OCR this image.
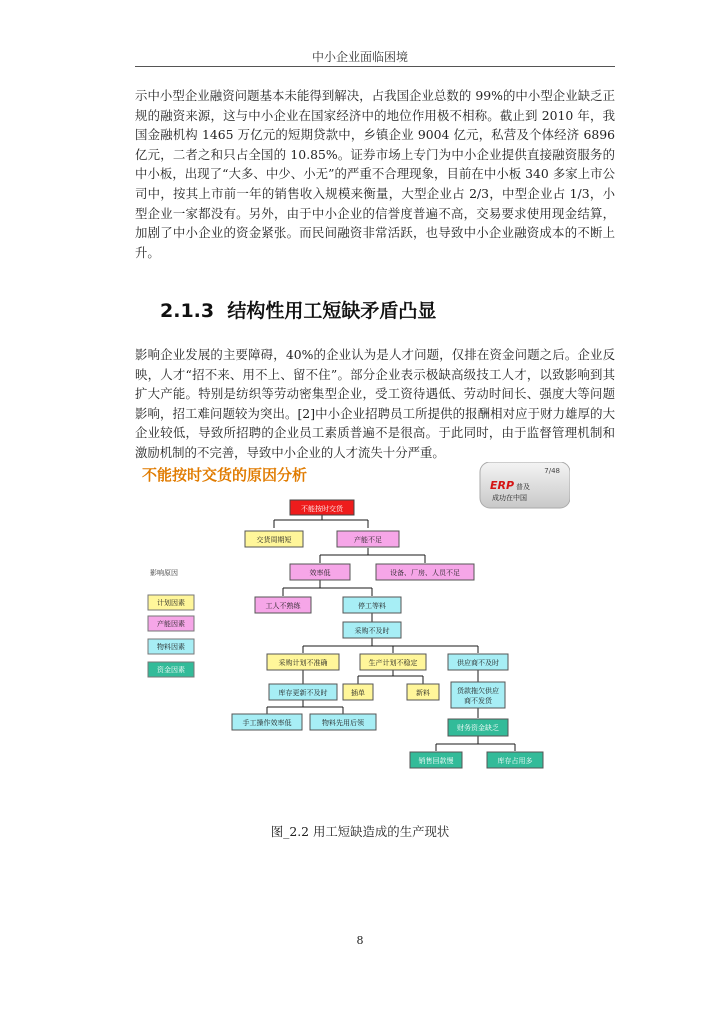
中小企业面临困境
示中小型企业融资问题基本未能得到解决，占我国企业总数的 99%的中小型企业缺乏正规的融资来源，这与中小企业在国家经济中的地位作用极不相称。截止到 2010 年，我国金融机构 1465 万亿元的短期贷款中，乡镇企业 9004 亿元，私营及个体经济 6896 亿元，二者之和只占全国的 10.85%。证券市场上专门为中小企业提供直接融资服务的中小板，出现了“大多、中少、小无”的严重不合理现象，目前在中小板 340 多家上市公司中，按其上市前一年的销售收入规模来衡量，大型企业占 2/3，中型企业占 1/3，小型企业一家都没有。另外，由于中小企业的信誉度普遍不高，交易要求使用现金结算，加剧了中小企业的资金紧张。而民间融资非常活跃，也导致中小企业融资成本的不断上升。
2.1.3 结构性用工短缺矛盾凸显
影响企业发展的主要障碍，40%的企业认为是人才问题，仅排在资金问题之后。企业反映，人才“招不来、用不上、留不住”。部分企业表示极缺高级技工人才，以致影响到其扩大产能。特别是纺织等劳动密集型企业，受工资待遇低、劳动时间长、强度大等问题影响，招工难问题较为突出。[2]中小企业招聘员工所提供的报酬相对应于财力雄厚的大企业较低，导致所招聘的企业员工素质普遍不是很高。于此同时，由于监督管理机制和激励机制的不完善，导致中小企业的人才流失十分严重。
不能按时交货的原因分析	7/48
ERP 普及
成功在中国
不能按时交货
交货周期短	产能不足
效率低	设备、厂房、人员不足
工人不熟练	停工等料
采购不及时
采购计划不准确	生产计划不稳定	供应商不及时
库存更新不及时	插单	新料	货款拖欠供应
商不发货
手工操作效率低	物料先用后领
财务资金缺乏
销售回款慢	库存占用多
影响原因
计划因素
产能因素
物料因素
资金因素
图_2.2 用工短缺造成的生产现状
8
